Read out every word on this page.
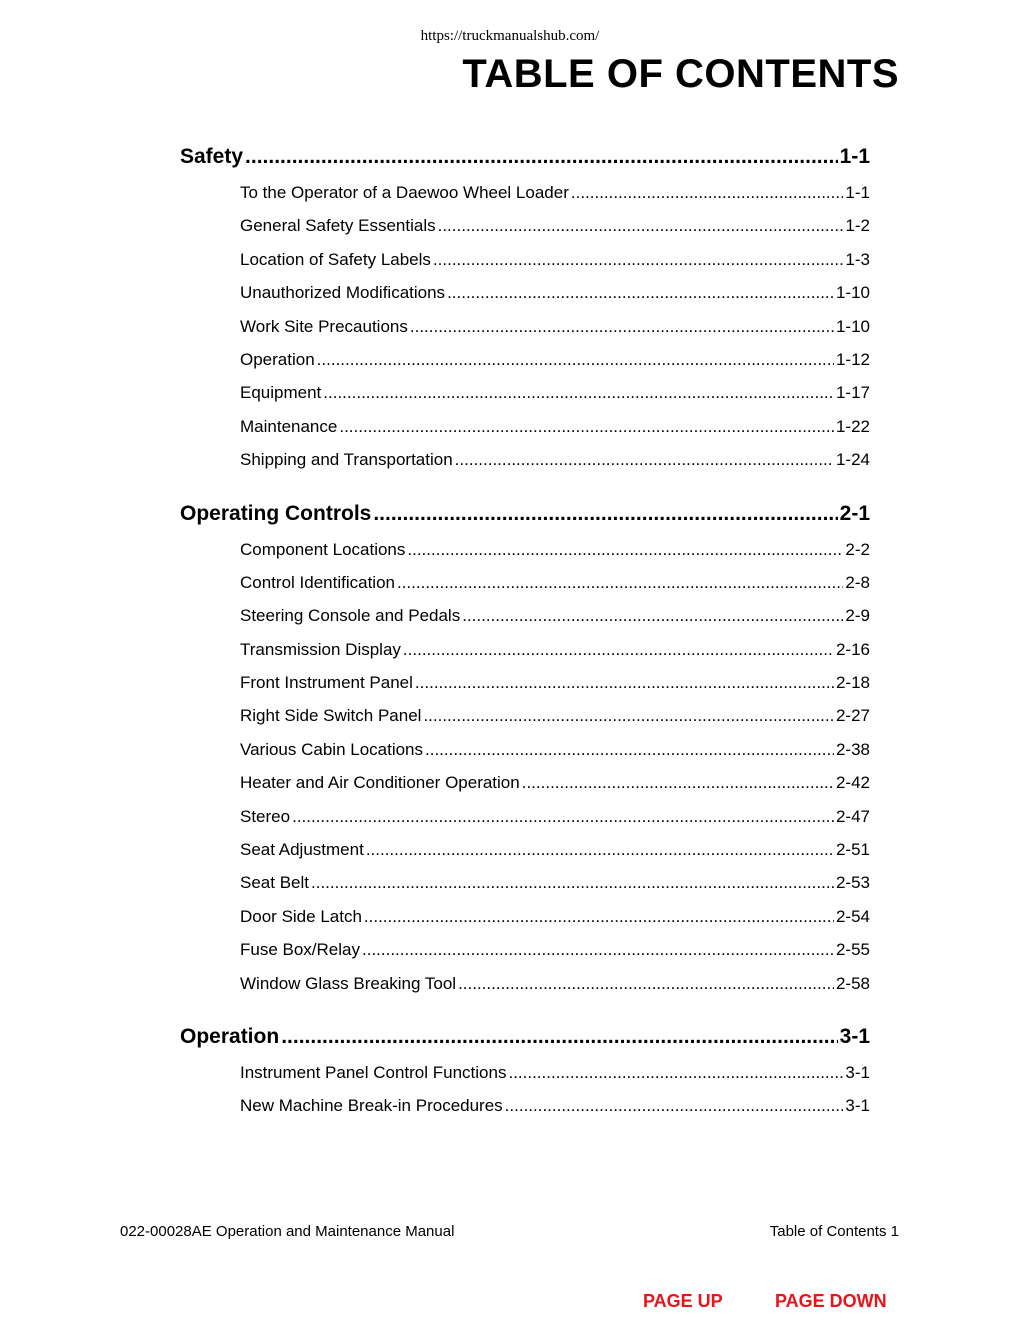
https://truckmanualshub.com/
TABLE OF CONTENTS
Safety .....	1-1
To the Operator of a Daewoo Wheel Loader .....	1-1
General Safety Essentials .....	1-2
Location of Safety Labels .....	1-3
Unauthorized Modifications .....	1-10
Work Site Precautions .....	1-10
Operation .....	1-12
Equipment .....	1-17
Maintenance .....	1-22
Shipping and Transportation .....	1-24
Operating Controls .....	2-1
Component Locations .....	2-2
Control Identification .....	2-8
Steering Console and Pedals .....	2-9
Transmission Display .....	2-16
Front Instrument Panel .....	2-18
Right Side Switch Panel .....	2-27
Various Cabin Locations .....	2-38
Heater and Air Conditioner Operation .....	2-42
Stereo .....	2-47
Seat Adjustment .....	2-51
Seat Belt .....	2-53
Door Side Latch .....	2-54
Fuse Box/Relay .....	2-55
Window Glass Breaking Tool .....	2-58
Operation .....	3-1
Instrument Panel Control Functions .....	3-1
New Machine Break-in Procedures .....	3-1
022-00028AE Operation and Maintenance Manual	Table of Contents 1
PAGE UP	PAGE DOWN
